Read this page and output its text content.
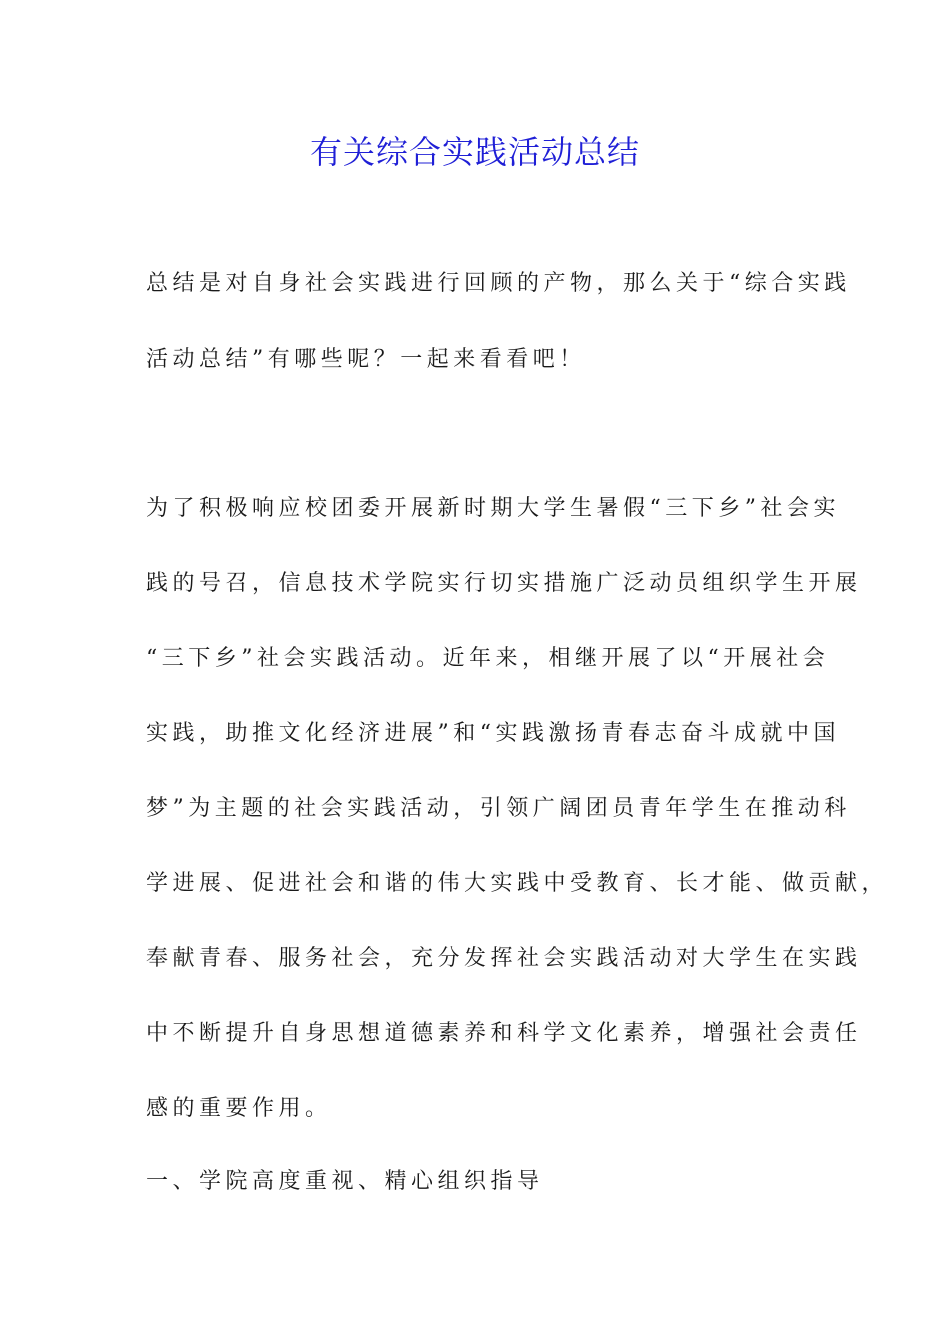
有关综合实践活动总结
总结是对自身社会实践进行回顾的产物，那么关于“综合实践
活动总结”有哪些呢？一起来看看吧！
为了积极响应校团委开展新时期大学生暑假“三下乡”社会实
践的号召，信息技术学院实行切实措施广泛动员组织学生开展
“三下乡”社会实践活动。近年来，相继开展了以“开展社会
实践，助推文化经济进展”和“实践激扬青春志奋斗成就中国
梦”为主题的社会实践活动，引领广阔团员青年学生在推动科
学进展、促进社会和谐的伟大实践中受教育、长才能、做贡献，
奉献青春、服务社会，充分发挥社会实践活动对大学生在实践
中不断提升自身思想道德素养和科学文化素养，增强社会责任
感的重要作用。
一、学院高度重视、精心组织指导
